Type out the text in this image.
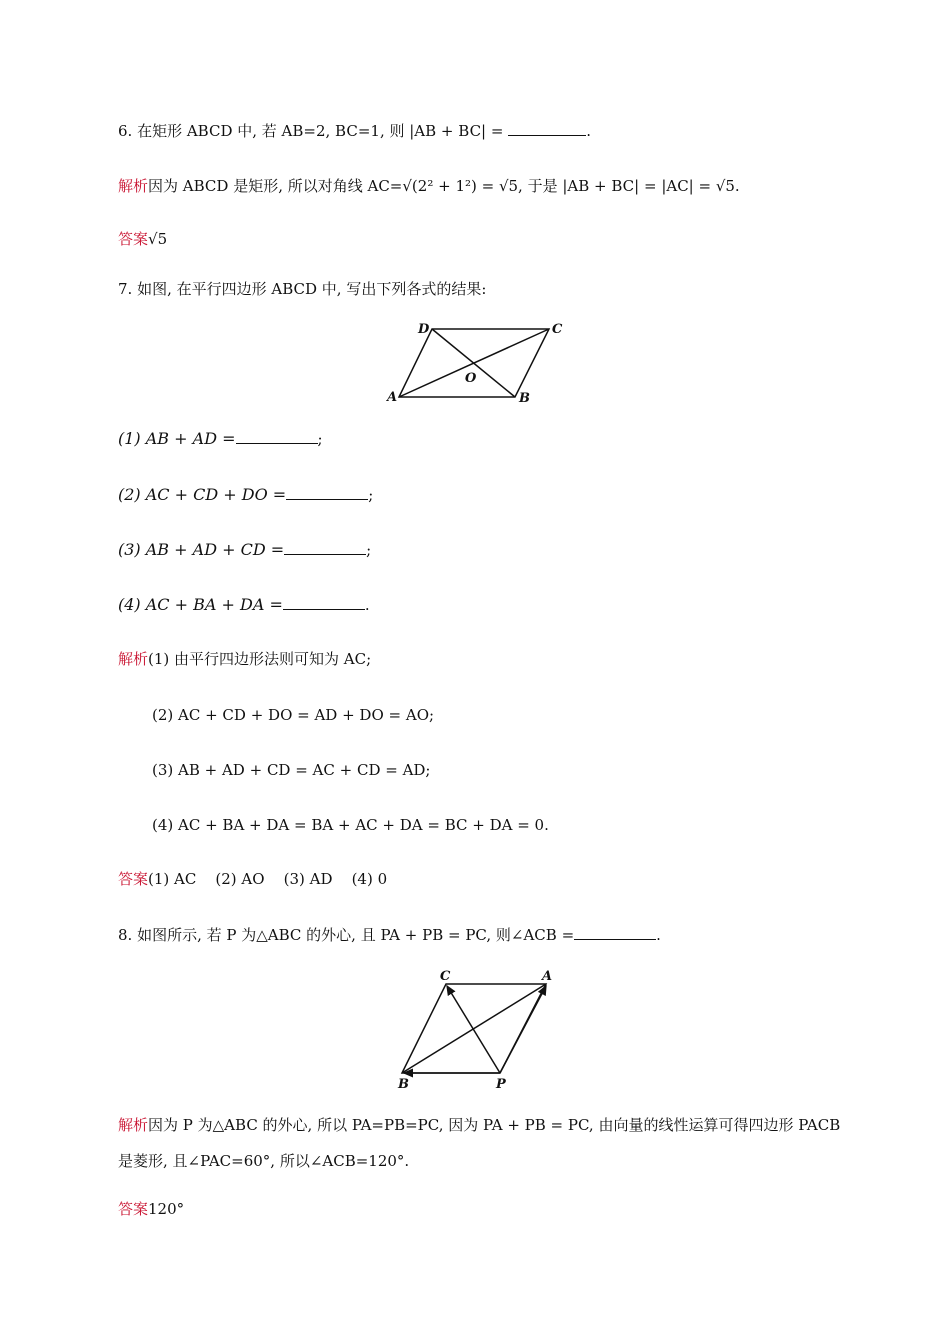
6. 在矩形 ABCD 中, 若 AB=2, BC=1, 则 |AB + BC| =	.
解析因为 ABCD 是矩形, 所以对角线 AC=√(2² + 1²) = √5, 于是 |AB + BC| = |AC| = √5.
答案√5
7. 如图, 在平行四边形 ABCD 中, 写出下列各式的结果:
A	B
C
D
O
(1) AB + AD =	;
(2) AC + CD + DO =	;
(3) AB + AD + CD =	;
(4) AC + BA + DA =	.
解析(1) 由平行四边形法则可知为 AC;
(2) AC + CD + DO = AD + DO = AO;
(3) AB + AD + CD = AC + CD = AD;
(4) AC + BA + DA = BA + AC + DA = BC + DA = 0.
答案(1) AC    (2) AO    (3) AD    (4) 0
8. 如图所示, 若 P 为△ABC 的外心, 且 PA + PB = PC, 则∠ACB =	.
C	A
B	P
解析因为 P 为△ABC 的外心, 所以 PA=PB=PC, 因为 PA + PB = PC, 由向量的线性运算可得四边形 PACB
是菱形, 且∠PAC=60°, 所以∠ACB=120°.
答案120°
